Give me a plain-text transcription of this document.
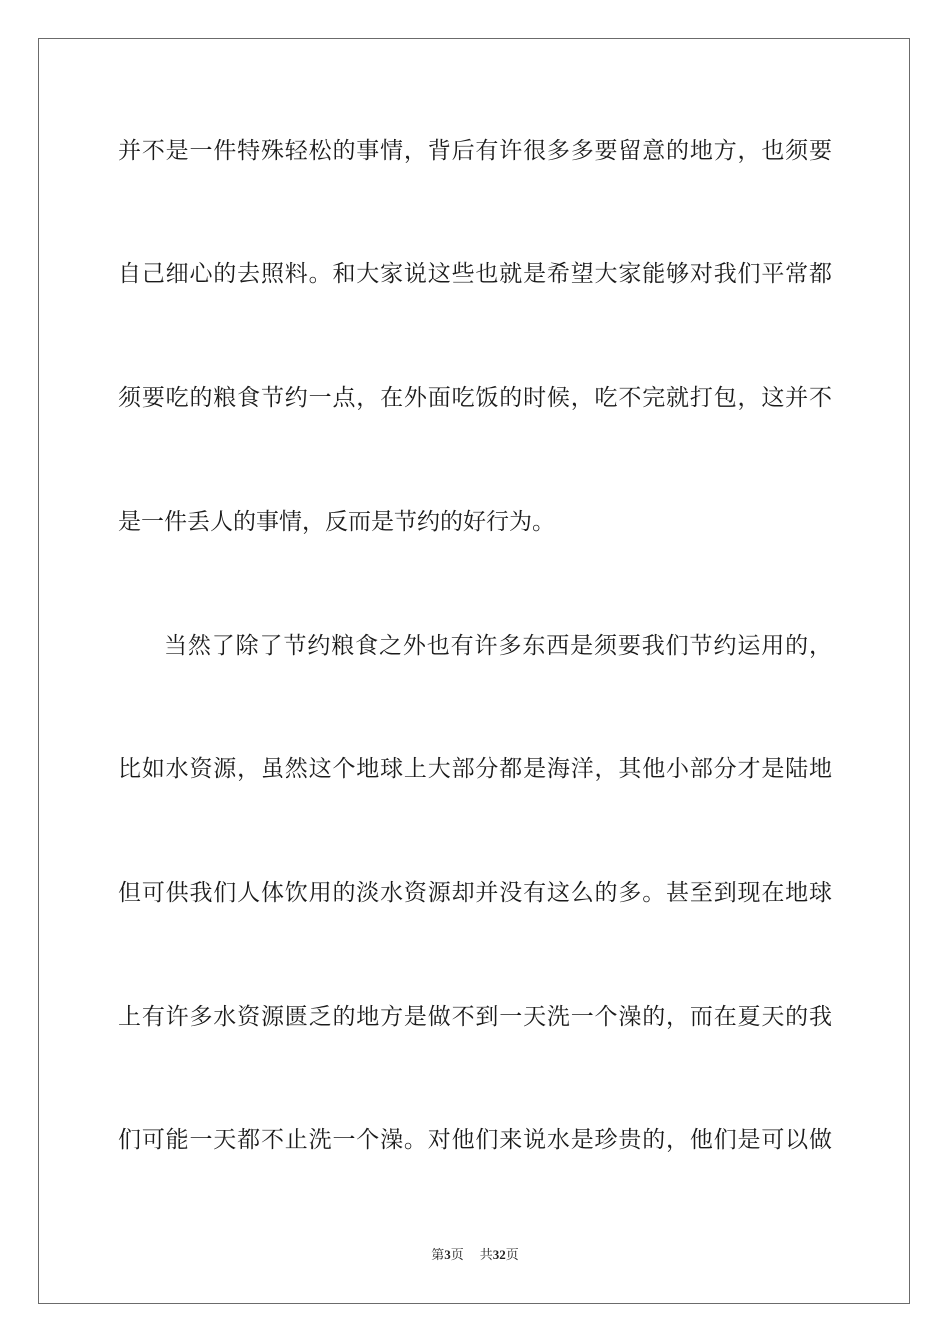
并不是一件特殊轻松的事情，背后有许很多多要留意的地方，也须要
自己细心的去照料。和大家说这些也就是希望大家能够对我们平常都
须要吃的粮食节约一点，在外面吃饭的时候，吃不完就打包，这并不
是一件丢人的事情，反而是节约的好行为。
当然了除了节约粮食之外也有许多东西是须要我们节约运用的，
比如水资源，虽然这个地球上大部分都是海洋，其他小部分才是陆地
但可供我们人体饮用的淡水资源却并没有这么的多。甚至到现在地球
上有许多水资源匮乏的地方是做不到一天洗一个澡的，而在夏天的我
们可能一天都不止洗一个澡。对他们来说水是珍贵的，他们是可以做
第3页 共32页
